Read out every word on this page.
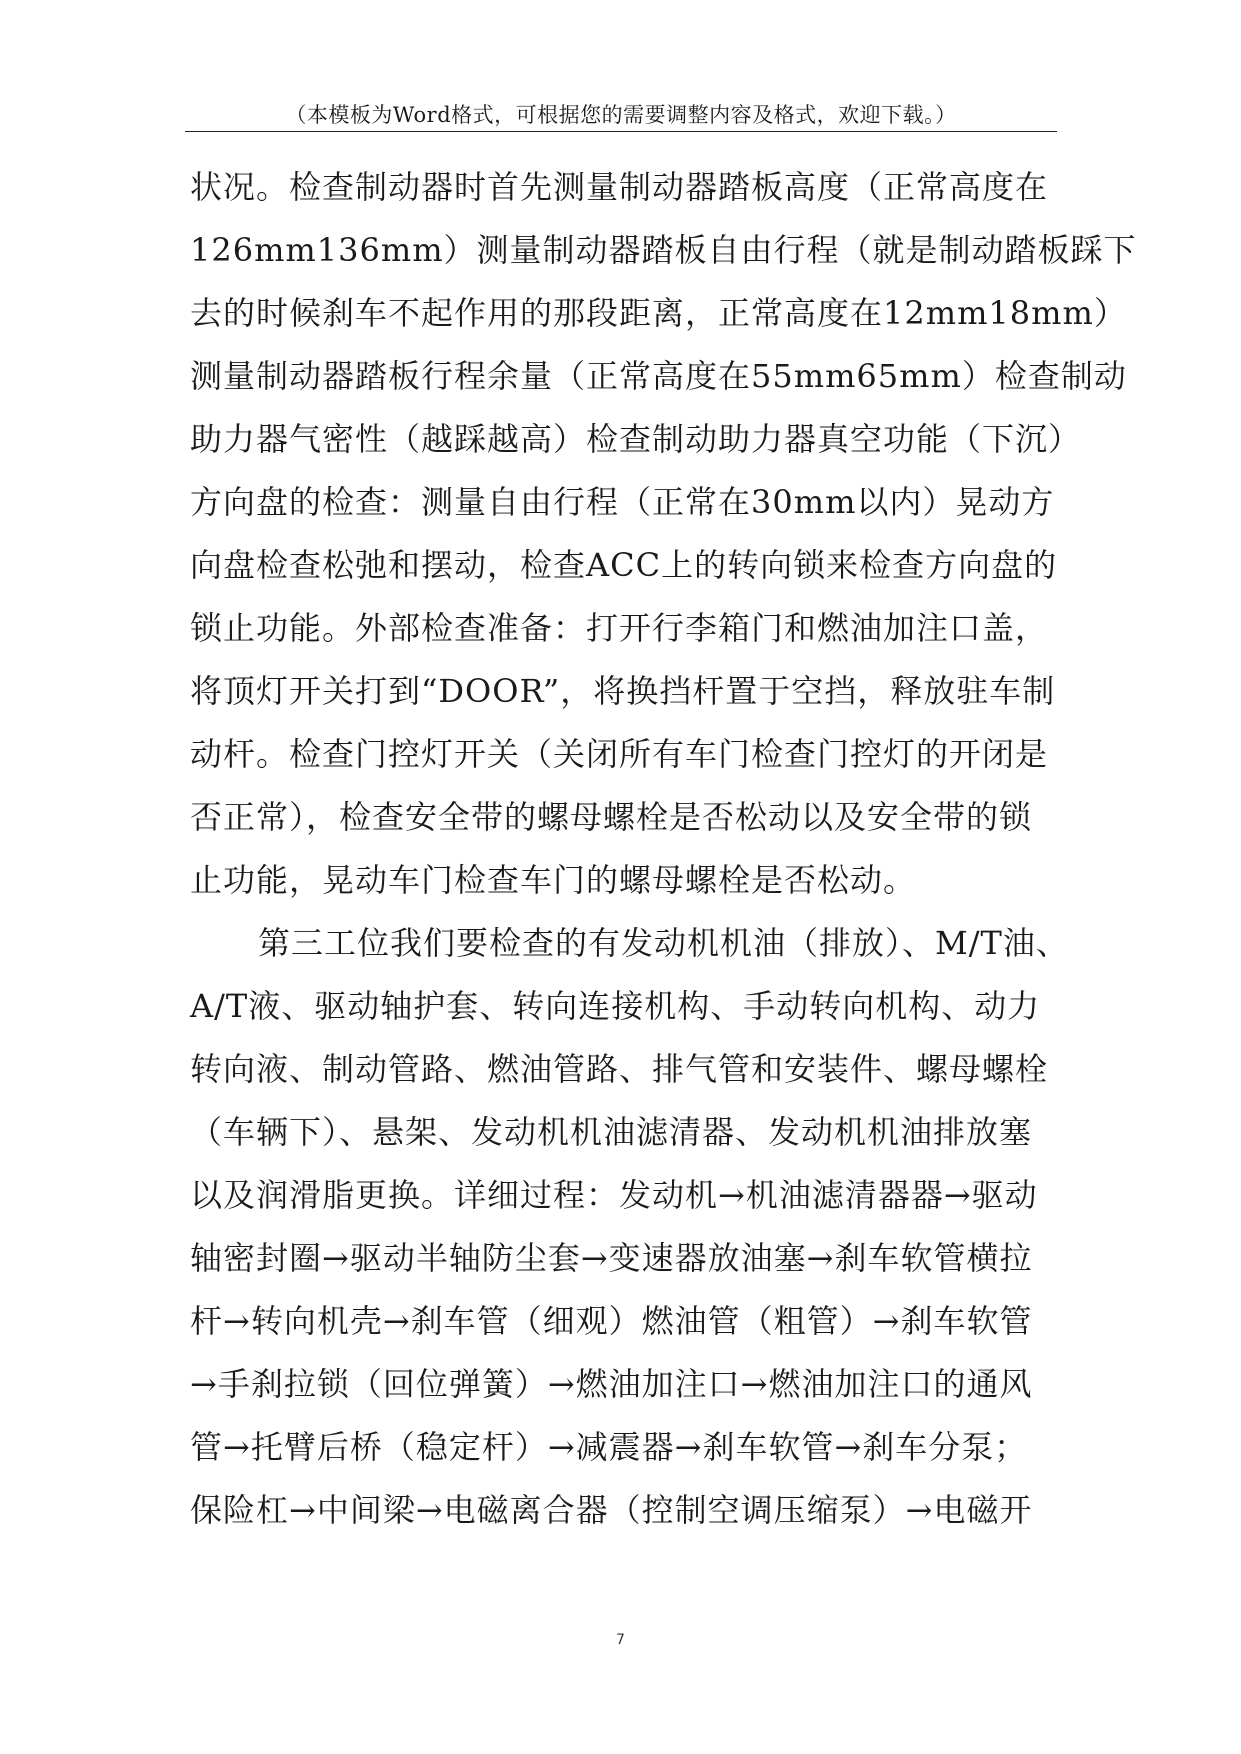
（本模板为Word格式，可根据您的需要调整内容及格式，欢迎下载。）
状况。检查制动器时首先测量制动器踏板高度（正常高度在
126mm136mm）测量制动器踏板自由行程（就是制动踏板踩下
去的时候刹车不起作用的那段距离，正常高度在12mm18mm）
测量制动器踏板行程余量（正常高度在55mm65mm）检查制动
助力器气密性（越踩越高）检查制动助力器真空功能（下沉）
方向盘的检查：测量自由行程（正常在30mm以内）晃动方
向盘检查松弛和摆动，检查ACC上的转向锁来检查方向盘的
锁止功能。外部检查准备：打开行李箱门和燃油加注口盖，
将顶灯开关打到“DOOR”，将换挡杆置于空挡，释放驻车制
动杆。检查门控灯开关（关闭所有车门检查门控灯的开闭是
否正常），检查安全带的螺母螺栓是否松动以及安全带的锁
止功能，晃动车门检查车门的螺母螺栓是否松动。
第三工位我们要检查的有发动机机油（排放）、M/T油、
A/T液、驱动轴护套、转向连接机构、手动转向机构、动力
转向液、制动管路、燃油管路、排气管和安装件、螺母螺栓
（车辆下）、悬架、发动机机油滤清器、发动机机油排放塞
以及润滑脂更换。详细过程：发动机→机油滤清器器→驱动
轴密封圈→驱动半轴防尘套→变速器放油塞→刹车软管横拉
杆→转向机壳→刹车管（细观）燃油管（粗管）→刹车软管
→手刹拉锁（回位弹簧）→燃油加注口→燃油加注口的通风
管→托臂后桥（稳定杆）→减震器→刹车软管→刹车分泵；
保险杠→中间梁→电磁离合器（控制空调压缩泵）→电磁开
7
